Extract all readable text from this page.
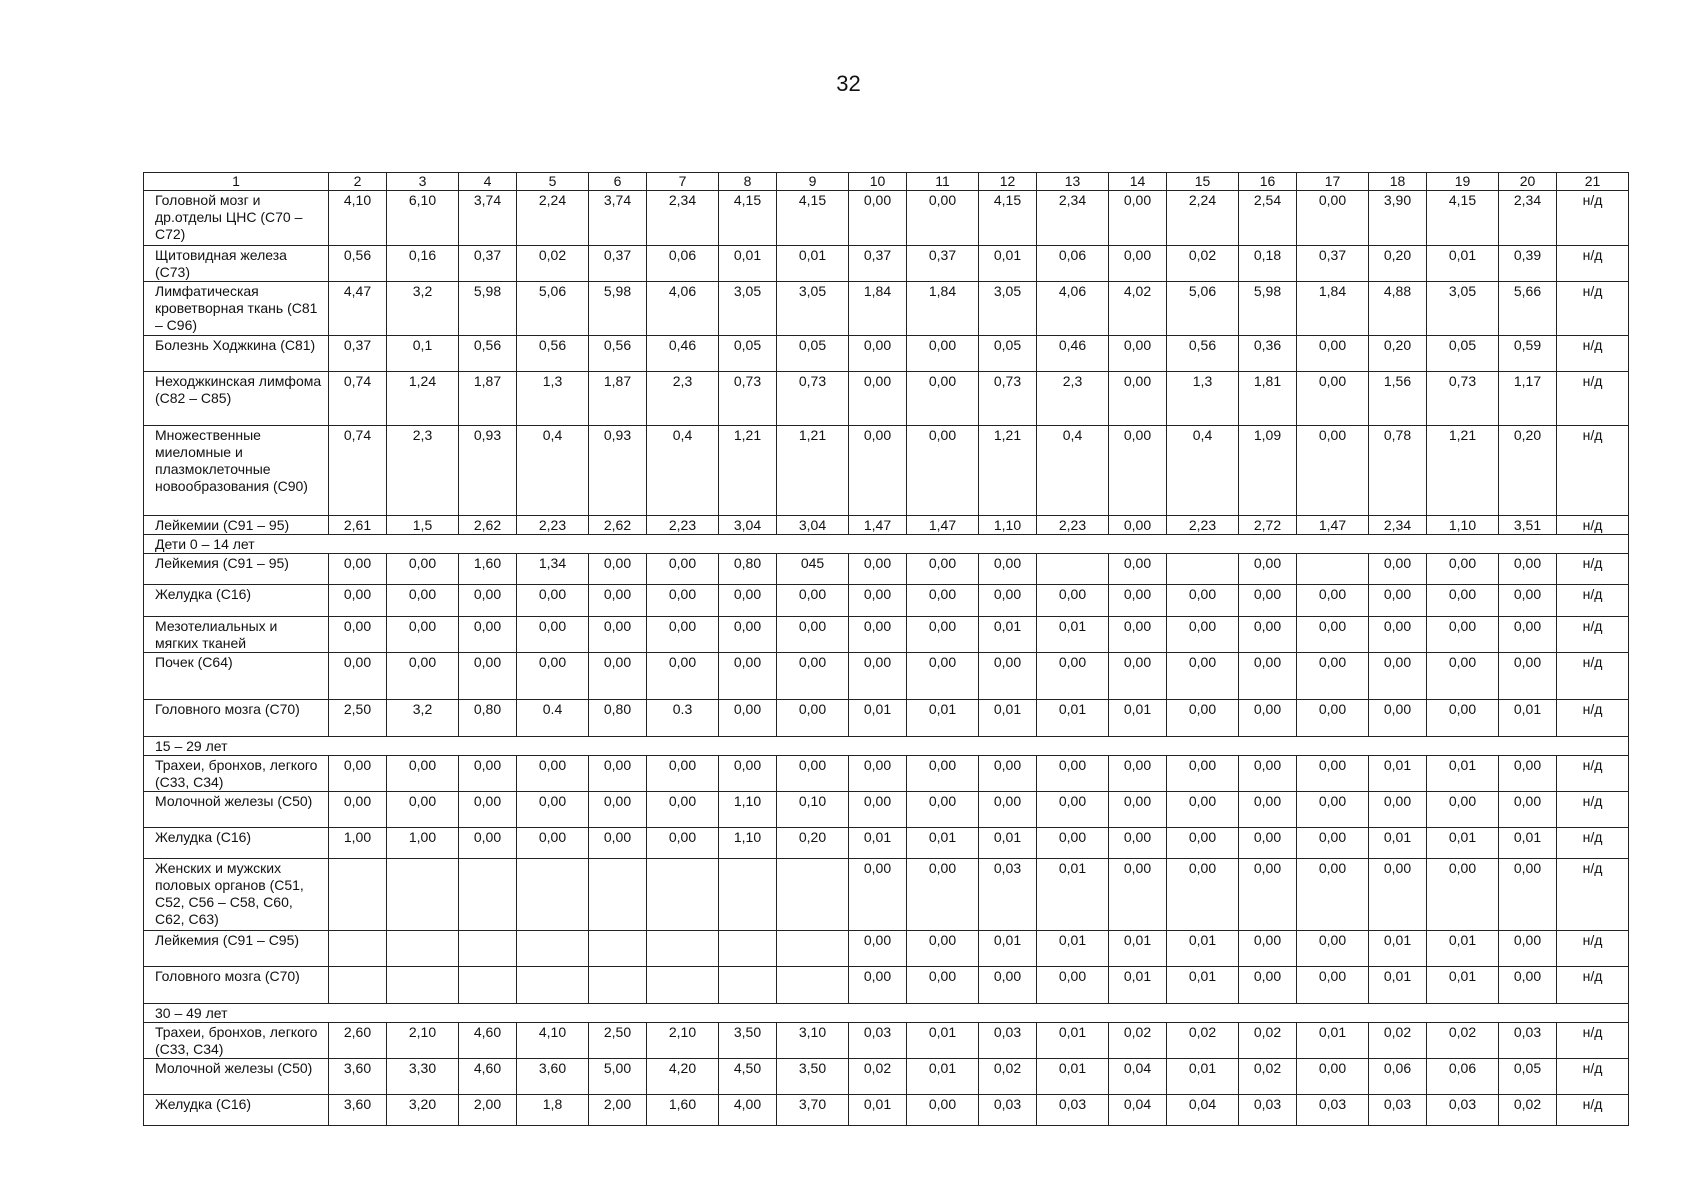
32
1	2	3	4	5	6	7	8	9	10	11	12	13	14	15	16	17	18	19	20	21
Головной мозг и др.отделы ЦНС (С70 – С72)	4,10	6,10	3,74	2,24	3,74	2,34	4,15	4,15	0,00	0,00	4,15	2,34	0,00	2,24	2,54	0,00	3,90	4,15	2,34	н/д
Щитовидная железа (С73)	0,56	0,16	0,37	0,02	0,37	0,06	0,01	0,01	0,37	0,37	0,01	0,06	0,00	0,02	0,18	0,37	0,20	0,01	0,39	н/д
Лимфатическая кроветворная ткань (С81 – С96)	4,47	3,2	5,98	5,06	5,98	4,06	3,05	3,05	1,84	1,84	3,05	4,06	4,02	5,06	5,98	1,84	4,88	3,05	5,66	н/д
Болезнь Ходжкина (С81)	0,37	0,1	0,56	0,56	0,56	0,46	0,05	0,05	0,00	0,00	0,05	0,46	0,00	0,56	0,36	0,00	0,20	0,05	0,59	н/д
Неходжкинская лимфома (С82 – С85)	0,74	1,24	1,87	1,3	1,87	2,3	0,73	0,73	0,00	0,00	0,73	2,3	0,00	1,3	1,81	0,00	1,56	0,73	1,17	н/д
Множественные миеломные и плазмоклеточные новообразования (С90)	0,74	2,3	0,93	0,4	0,93	0,4	1,21	1,21	0,00	0,00	1,21	0,4	0,00	0,4	1,09	0,00	0,78	1,21	0,20	н/д
Лейкемии (С91 – 95)	2,61	1,5	2,62	2,23	2,62	2,23	3,04	3,04	1,47	1,47	1,10	2,23	0,00	2,23	2,72	1,47	2,34	1,10	3,51	н/д
Дети 0 – 14 лет																				
Лейкемия (С91 – 95)	0,00	0,00	1,60	1,34	0,00	0,00	0,80	045	0,00	0,00	0,00		0,00		0,00		0,00	0,00	0,00	н/д
Желудка (С16)	0,00	0,00	0,00	0,00	0,00	0,00	0,00	0,00	0,00	0,00	0,00	0,00	0,00	0,00	0,00	0,00	0,00	0,00	0,00	н/д
Мезотелиальных и мягких тканей	0,00	0,00	0,00	0,00	0,00	0,00	0,00	0,00	0,00	0,00	0,01	0,01	0,00	0,00	0,00	0,00	0,00	0,00	0,00	н/д
Почек (С64)	0,00	0,00	0,00	0,00	0,00	0,00	0,00	0,00	0,00	0,00	0,00	0,00	0,00	0,00	0,00	0,00	0,00	0,00	0,00	н/д
Головного мозга (С70)	2,50	3,2	0,80	0.4	0,80	0.3	0,00	0,00	0,01	0,01	0,01	0,01	0,01	0,00	0,00	0,00	0,00	0,00	0,01	н/д
15 – 29 лет																				
Трахеи, бронхов, легкого (С33, С34)	0,00	0,00	0,00	0,00	0,00	0,00	0,00	0,00	0,00	0,00	0,00	0,00	0,00	0,00	0,00	0,00	0,01	0,01	0,00	н/д
Молочной железы (С50)	0,00	0,00	0,00	0,00	0,00	0,00	1,10	0,10	0,00	0,00	0,00	0,00	0,00	0,00	0,00	0,00	0,00	0,00	0,00	н/д
Желудка (С16)	1,00	1,00	0,00	0,00	0,00	0,00	1,10	0,20	0,01	0,01	0,01	0,00	0,00	0,00	0,00	0,00	0,01	0,01	0,01	н/д
Женских и мужских половых органов (С51, С52, С56 – С58, С60, С62, С63)									0,00	0,00	0,03	0,01	0,00	0,00	0,00	0,00	0,00	0,00	0,00	н/д
Лейкемия (С91 – С95)									0,00	0,00	0,01	0,01	0,01	0,01	0,00	0,00	0,01	0,01	0,00	н/д
Головного мозга (С70)									0,00	0,00	0,00	0,00	0,01	0,01	0,00	0,00	0,01	0,01	0,00	н/д
30 – 49 лет																				
Трахеи, бронхов, легкого (С33, С34)	2,60	2,10	4,60	4,10	2,50	2,10	3,50	3,10	0,03	0,01	0,03	0,01	0,02	0,02	0,02	0,01	0,02	0,02	0,03	н/д
Молочной железы (С50)	3,60	3,30	4,60	3,60	5,00	4,20	4,50	3,50	0,02	0,01	0,02	0,01	0,04	0,01	0,02	0,00	0,06	0,06	0,05	н/д
Желудка (С16)	3,60	3,20	2,00	1,8	2,00	1,60	4,00	3,70	0,01	0,00	0,03	0,03	0,04	0,04	0,03	0,03	0,03	0,03	0,02	н/д
